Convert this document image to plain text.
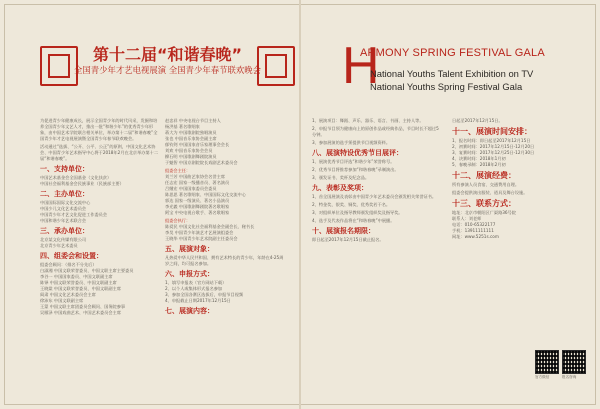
第十二届“和谐春晚”
全国青少年才艺电视展演 全国青少年春节联欢晚会

为促进青少年健康成长，展示全国青少年的时代风采，发掘和培养全国青少年文艺人才，推出一批“和谐少年”的优秀青少年形象，由中国艺术学院联合相关单位，举办第十二届“和谐春晚”全国青少年才艺电视展演暨全国青少年春节联欢晚会。

活动通过“选拔、“公开、公平、公正”的原则，中国文化艺术协会、中国青少年艺术指导中心将于2018年2月在北京举办第十二届“和谐春晚”。

一、支持单位：
中国艺术基金会全国基金（文化扶贫）
中国社会福利基金会民族事业（民族部主要）
二、主办单位：
中国国际国际文化交流中心
中国少儿文化艺术委员会
中国青少年才艺文化促进工作委员会
中国和谐少年艺术联合会
三、承办单位：
北京某文化传媒有限公司
北京青少年艺术委员
四、组委会和设置：
组委会顾问：（排名不分先后）
白淑湘 中国文联荣誉委员、中国文联主席主要委员
李谷一 中国国家委员、中国文联副主席
陈铎 中国文联荣誉委员、中国文联副主席
王晓棠 中国文联荣誉委员、中国文联副主席
阎肃 中国文化艺术委员会主席
徐沛东 中国文联副主席
王蒙 中国文联主席团委员会顾问、国务院参事
吴雁泽 中国戏曲艺术、中国艺术委员会主席
赵忠祥 中央电视台节目主持人
杨洪基 著名歌唱家
蒋大为 中国歌剧院独唱演员
张也 中国音乐家协会副主席
郁钧剑 中国国家音乐家理事会会长
刘欢 中国音乐家协会会员
柳石明 中国歌剧舞剧院演员
于魁智 中国京剧院院长戏剧艺术委员会
组委会主任：
刘兰芳 中国曲艺家协会名誉主席
任志宏 国家一级播音员、著名演员
吕继宏 中国国家委员会委员
陈思思 著名歌唱家、中国国际文化交流中心
郭达 国家一级演员、著名小品演员
李光羲 中国歌剧舞剧院著名歌唱家
阿宝 中央电视台歌手、著名歌唱家
组委会执行：
陈爱民 中国文化社会福利基金会副会长、秘书长
李昊 中国青少年演艺才艺展演组委会
王晓华 中国青少年艺术院副主任委员会
五、展演对象：

凡热爱中华人民共和国、拥有艺术特长的青少年，年龄在4-25周岁之间，均可报名参加。

六、申报方式：
1、填写申报表（官方网站下载）
2、以个人或集体形式报名参加
3、参加全国各赛区选拔后，申报节目视频
4、申报截止日期2017年12月15日
七、展演内容：
H
ARMONY SPRING FESTIVAL GALA
National Youths Talent Exhibition on TV
National Youths Spring Festival Gala

1、展演项目：舞蹈、声乐、器乐、语言、书画、主持人等。

2、申报节目须为健康向上的原创作品或经典作品，节目时长不超过5分钟。

3、参加展演的选手须提供节目视频资料。

八、展演特设优秀节目展评：

1、展演优秀节目评选“和谐少年”荣誉称号。

2、优秀节目将推荐参加“和谐春晚”录制演出。

3、颁发证书、奖杯及纪念品。

九、表彰及奖项：

1、首全国展演及表彰由中国青少年艺术委员会颁发相关荣誉证书。

2、特金奖、银奖、铜奖、优秀奖若干名。

3、对组织单位及指导教师颁发组织奖及指导奖。

4、选手及代表作品将在“和谐春晚”中展播。

十、展演报名期限：

即日起至2017年12月15日截止报名。

日起至2017年12月15日。

十一、展演时间安排：
1、报名时间：即日起至2017年12月15日
2、初赛时间：2017年12月15日-12月20日
3、复赛时间：2017年12月25日-12月30日
4、决赛时间：2018年1月初
5、春晚录制：2018年2月初
十二、展演经费：

所有参演人员食宿、交通费用自理。

组委会提供演出服装、道具及舞台设施。

十三、联系方式：
地址：北京市朝阳区广渠路36号院
联系人：刘老师
电话：010-65322177
手机：13911111111
网址：www.5251s.com
官方微信	报名咨询
